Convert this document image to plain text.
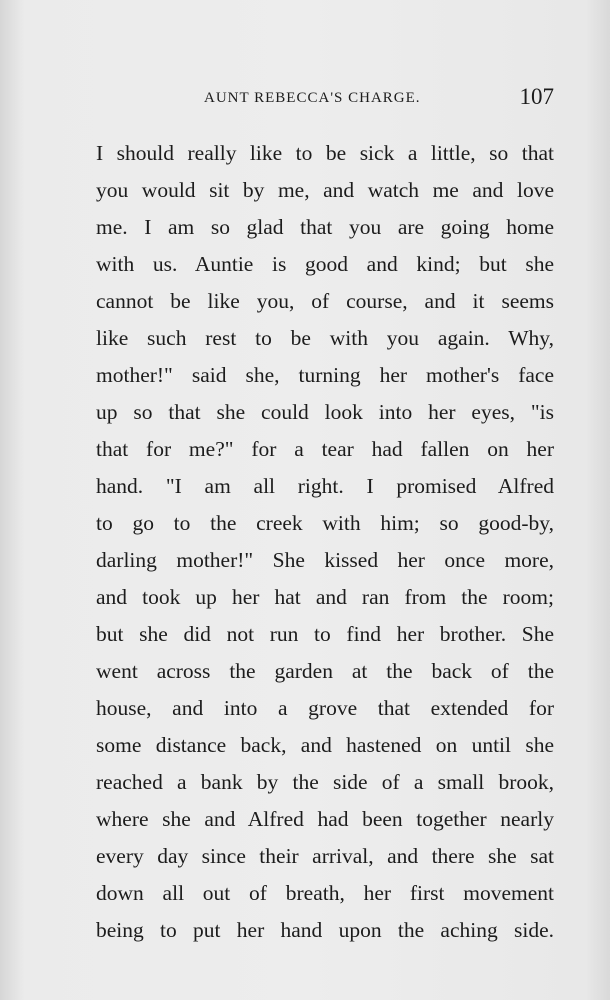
AUNT REBECCA'S CHARGE.	107
I should really like to be sick a little, so that
you would sit by me, and watch me and love
me. I am so glad that you are going home
with us. Auntie is good and kind; but she
cannot be like you, of course, and it seems
like such rest to be with you again. Why,
mother!" said she, turning her mother's face
up so that she could look into her eyes, "is
that for me?" for a tear had fallen on her
hand. "I am all right. I promised Alfred
to go to the creek with him; so good-by,
darling mother!" She kissed her once more,
and took up her hat and ran from the room;
but she did not run to find her brother. She
went across the garden at the back of the
house, and into a grove that extended for
some distance back, and hastened on until she
reached a bank by the side of a small brook,
where she and Alfred had been together nearly
every day since their arrival, and there she sat
down all out of breath, her first movement
being to put her hand upon the aching side.
